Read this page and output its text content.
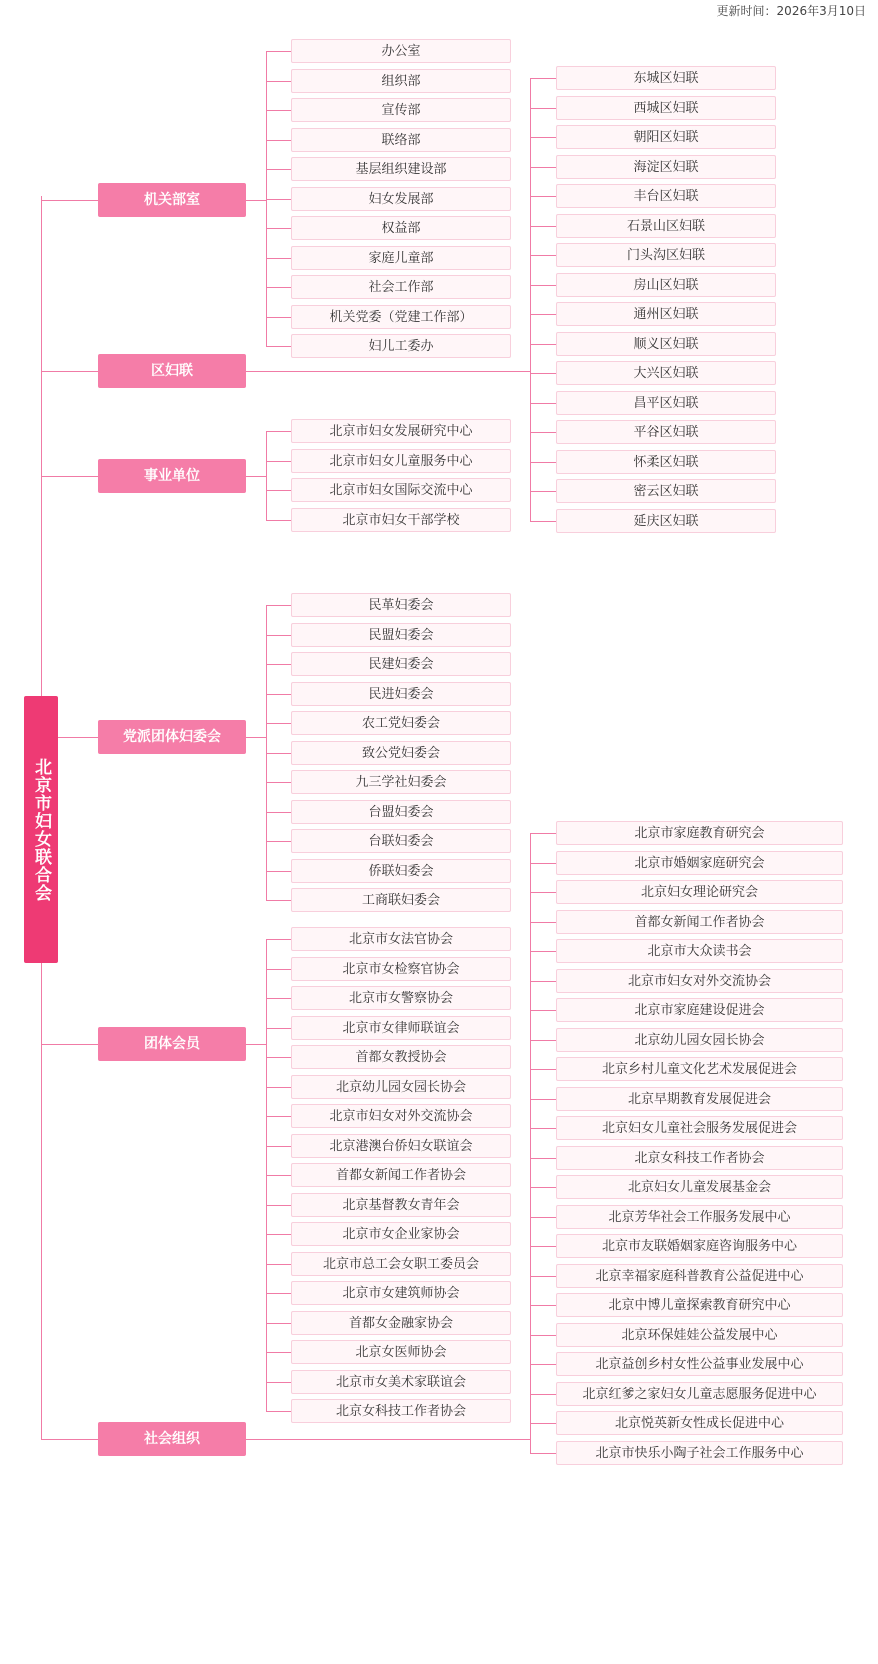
更新时间：2026年3月10日
北京市妇女联合会
机关部室
办公室
组织部
宣传部
联络部
基层组织建设部
妇女发展部
权益部
家庭儿童部
社会工作部
机关党委（党建工作部）
妇儿工委办
区妇联
东城区妇联
西城区妇联
朝阳区妇联
海淀区妇联
丰台区妇联
石景山区妇联
门头沟区妇联
房山区妇联
通州区妇联
顺义区妇联
大兴区妇联
昌平区妇联
平谷区妇联
怀柔区妇联
密云区妇联
延庆区妇联
事业单位
北京市妇女发展研究中心
北京市妇女儿童服务中心
北京市妇女国际交流中心
北京市妇女干部学校
党派团体妇委会
民革妇委会
民盟妇委会
民建妇委会
民进妇委会
农工党妇委会
致公党妇委会
九三学社妇委会
台盟妇委会
台联妇委会
侨联妇委会
工商联妇委会
团体会员
北京市女法官协会
北京市女检察官协会
北京市女警察协会
北京市女律师联谊会
首都女教授协会
北京幼儿园女园长协会
北京市妇女对外交流协会
北京港澳台侨妇女联谊会
首都女新闻工作者协会
北京基督教女青年会
北京市女企业家协会
北京市总工会女职工委员会
北京市女建筑师协会
首都女金融家协会
北京女医师协会
北京市女美术家联谊会
北京女科技工作者协会
社会组织
北京市家庭教育研究会
北京市婚姻家庭研究会
北京妇女理论研究会
首都女新闻工作者协会
北京市大众读书会
北京市妇女对外交流协会
北京市家庭建设促进会
北京幼儿园女园长协会
北京乡村儿童文化艺术发展促进会
北京早期教育发展促进会
北京妇女儿童社会服务发展促进会
北京女科技工作者协会
北京妇女儿童发展基金会
北京芳华社会工作服务发展中心
北京市友联婚姻家庭咨询服务中心
北京幸福家庭科普教育公益促进中心
北京中博儿童探索教育研究中心
北京环保娃娃公益发展中心
北京益创乡村女性公益事业发展中心
北京红爹之家妇女儿童志愿服务促进中心
北京悦英新女性成长促进中心
北京市快乐小陶子社会工作服务中心
